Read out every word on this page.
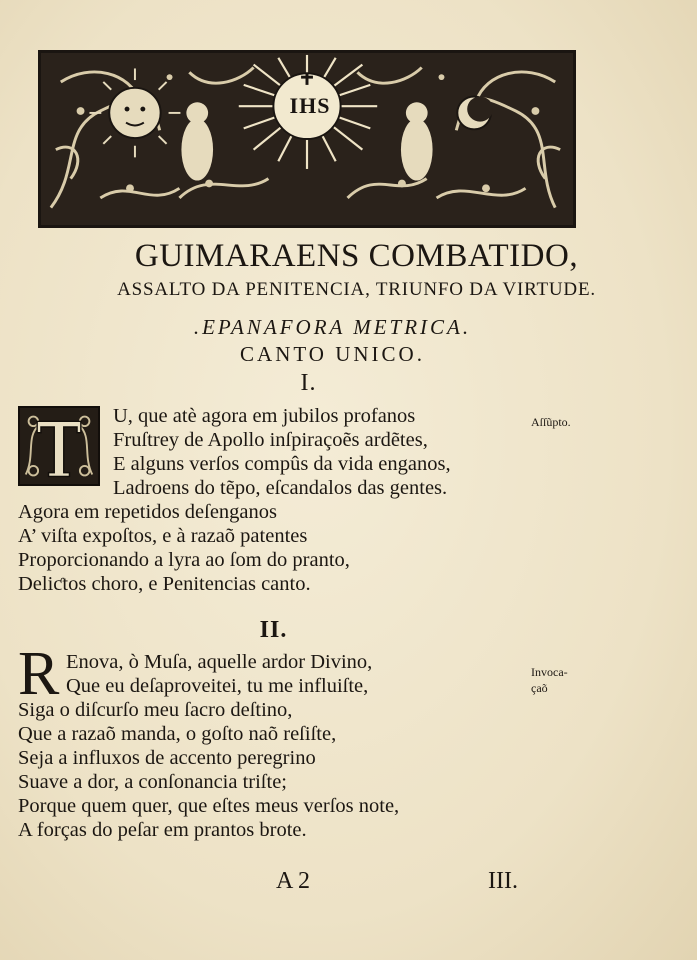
IHS
GUIMARAENS COMBATIDO,
ASSALTO DA PENITENCIA, TRIUNFO DA VIRTUDE.
.EPANAFORA METRICA.
CANTO UNICO.
I.
U, que atè agora em jubilos profanos
Fruſtrey de Apollo inſpiraçoẽs ardẽtes,
E alguns verſos compûs da vida enganos,
Ladroens do tẽpo, eſcandalos das gentes.
Agora em repetidos deſenganos
A’ viſta expoſtos, e à razaõ patentes
Proporcionando a lyra ao ſom do pranto,
Deliƈtos choro, e Penitencias canto.
Aſſũpto.
II.
R Enova, ò Muſa, aquelle ardor Divino,
Que eu deſaproveitei, tu me influiſte,
Siga o diſcurſo meu ſacro deſtino,
Que a razaõ manda, o goſto naõ reſiſte,
Seja a influxos de accento peregrino
Suave a dor, a conſonancia triſte;
Porque quem quer, que eſtes meus verſos note,
A forças do peſar em prantos brote.
Invoca-
çaõ
A 2	III.
